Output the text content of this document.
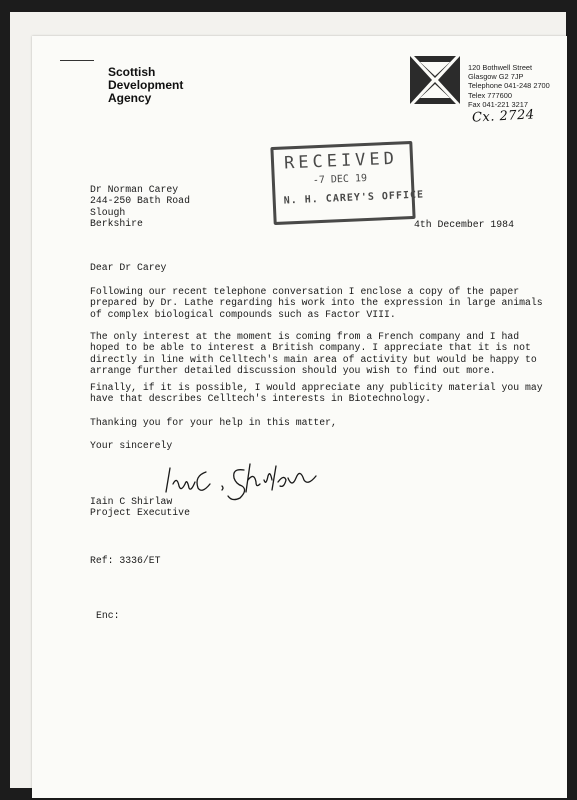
Scottish
Development
Agency
120 Bothwell Street
Glasgow G2 7JP
Telephone 041-248 2700
Telex 777600
Fax 041-221 3217
Cx. 2724
RECEIVED
-7 DEC 19
N. H. CAREY'S OFFICE
Dr Norman Carey
244-250 Bath Road
Slough
Berkshire	4th December 1984
Dear Dr Carey
Following our recent telephone conversation I enclose a copy of the paper
prepared by Dr. Lathe regarding his work into the expression in large animals
of complex biological compounds such as Factor VIII.
The only interest at the moment is coming from a French company and I had
hoped to be able to interest a British company. I appreciate that it is not
directly in line with Celltech's main area of activity but would be happy to
arrange further detailed discussion should you wish to find out more.
Finally, if it is possible, I would appreciate any publicity material you may
have that describes Celltech's interests in Biotechnology.
Thanking you for your help in this matter,
Your sincerely
Iain C Shirlaw
Project Executive
Ref: 3336/ET
Enc:
